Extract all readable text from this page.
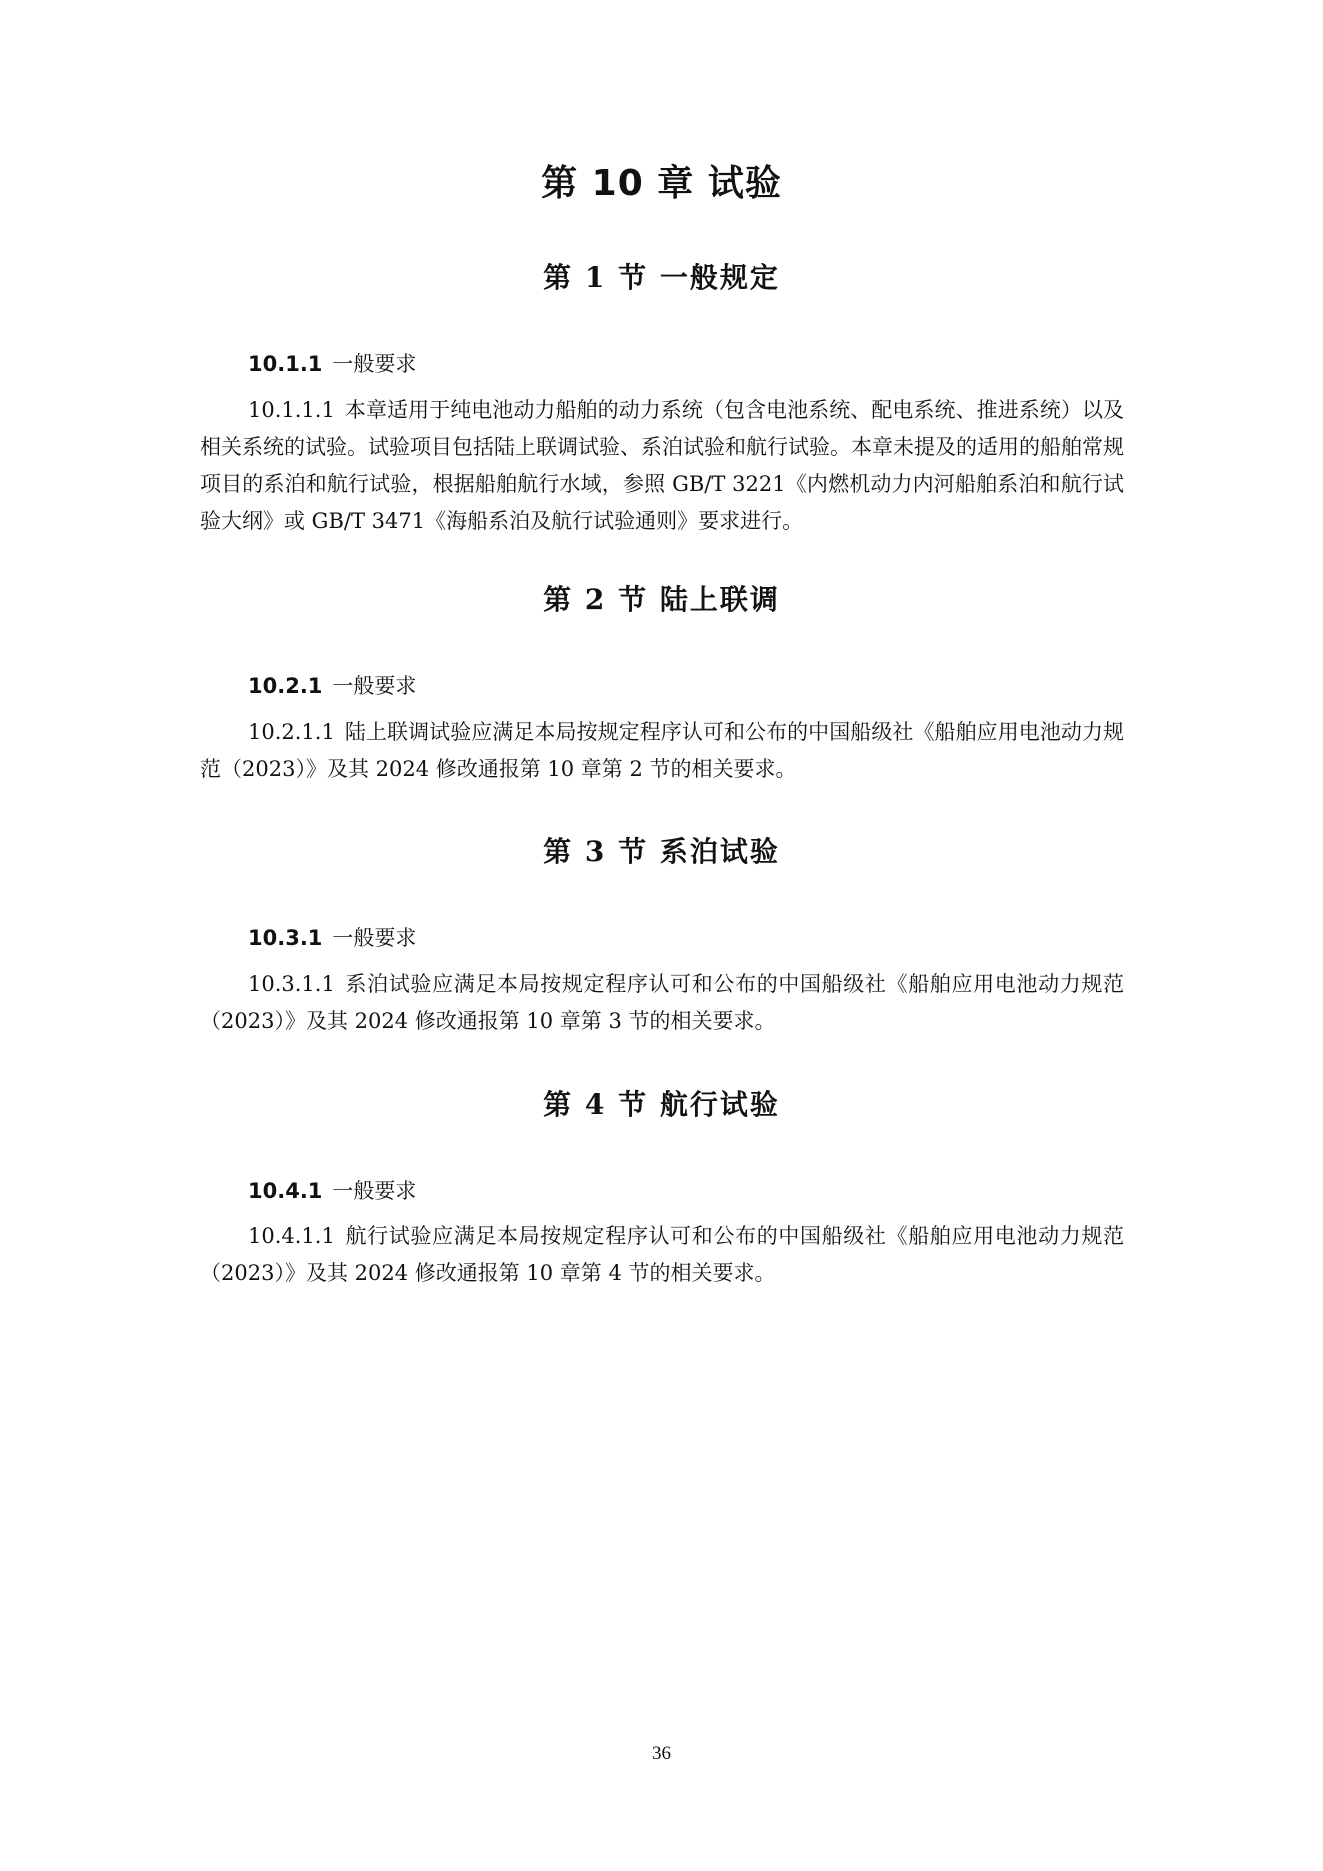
第 10 章 试验
第 1 节 一般规定
10.1.1 一般要求
10.1.1.1 本章适用于纯电池动力船舶的动力系统（包含电池系统、配电系统、推进系统）以及相关系统的试验。试验项目包括陆上联调试验、系泊试验和航行试验。本章未提及的适用的船舶常规项目的系泊和航行试验，根据船舶航行水域，参照 GB/T 3221《内燃机动力内河船舶系泊和航行试验大纲》或 GB/T 3471《海船系泊及航行试验通则》要求进行。
第 2 节 陆上联调
10.2.1 一般要求
10.2.1.1 陆上联调试验应满足本局按规定程序认可和公布的中国船级社《船舶应用电池动力规范（2023）》及其 2024 修改通报第 10 章第 2 节的相关要求。
第 3 节 系泊试验
10.3.1 一般要求
10.3.1.1 系泊试验应满足本局按规定程序认可和公布的中国船级社《船舶应用电池动力规范（2023）》及其 2024 修改通报第 10 章第 3 节的相关要求。
第 4 节 航行试验
10.4.1 一般要求
10.4.1.1 航行试验应满足本局按规定程序认可和公布的中国船级社《船舶应用电池动力规范（2023）》及其 2024 修改通报第 10 章第 4 节的相关要求。
36
